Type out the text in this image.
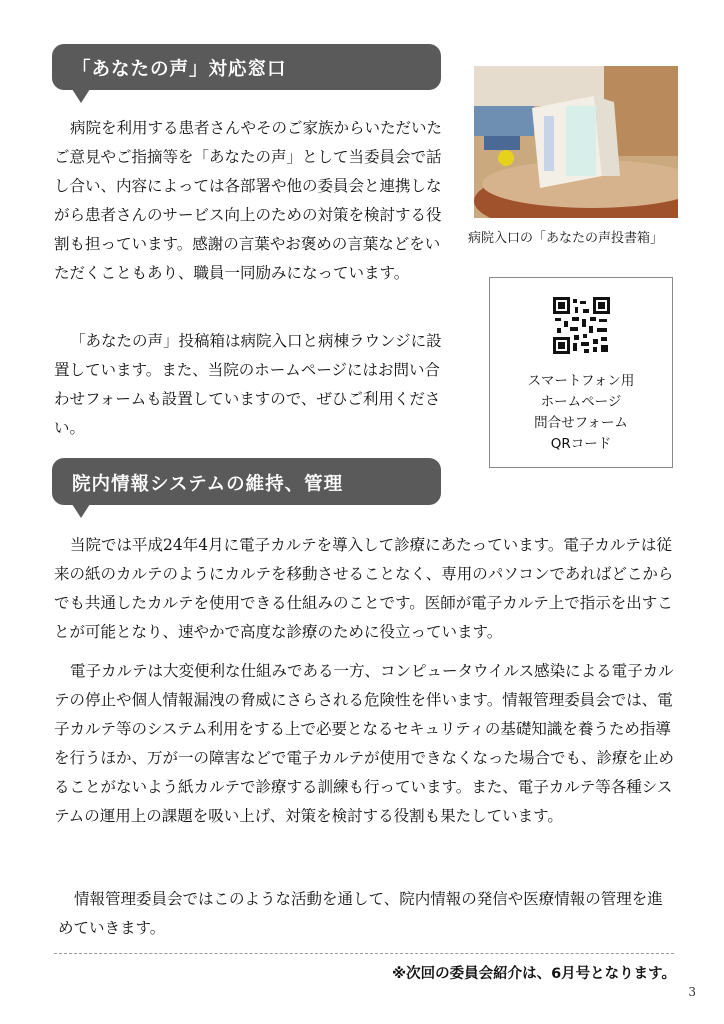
「あなたの声」対応窓口

病院を利用する患者さんやそのご家族からいただいたご意見やご指摘等を「あなたの声」として当委員会で話し合い、内容によっては各部署や他の委員会と連携しながら患者さんのサービス向上のための対策を検討する役割も担っています。感謝の言葉やお褒めの言葉などをいただくこともあり、職員一同励みになっています。

「あなたの声」投稿箱は病院入口と病棟ラウンジに設置しています。また、当院のホームページにはお問い合わせフォームも設置していますので、ぜひご利用ください。

病院入口の「あなたの声投書箱」
スマートフォン用
ホームページ
問合せフォーム
QRコード
院内情報システムの維持、管理

当院では平成24年4月に電子カルテを導入して診療にあたっています。電子カルテは従来の紙のカルテのようにカルテを移動させることなく、専用のパソコンであればどこからでも共通したカルテを使用できる仕組みのことです。医師が電子カルテ上で指示を出すことが可能となり、速やかで高度な診療のために役立っています。

電子カルテは大変便利な仕組みである一方、コンピュータウイルス感染による電子カルテの停止や個人情報漏洩の脅威にさらされる危険性を伴います。情報管理委員会では、電子カルテ等のシステム利用をする上で必要となるセキュリティの基礎知識を養うため指導を行うほか、万が一の障害などで電子カルテが使用できなくなった場合でも、診療を止めることがないよう紙カルテで診療する訓練も行っています。また、電子カルテ等各種システムの運用上の課題を吸い上げ、対策を検討する役割も果たしています。

情報管理委員会ではこのような活動を通して、院内情報の発信や医療情報の管理を進めていきます。

※次回の委員会紹介は、6月号となります。
3
